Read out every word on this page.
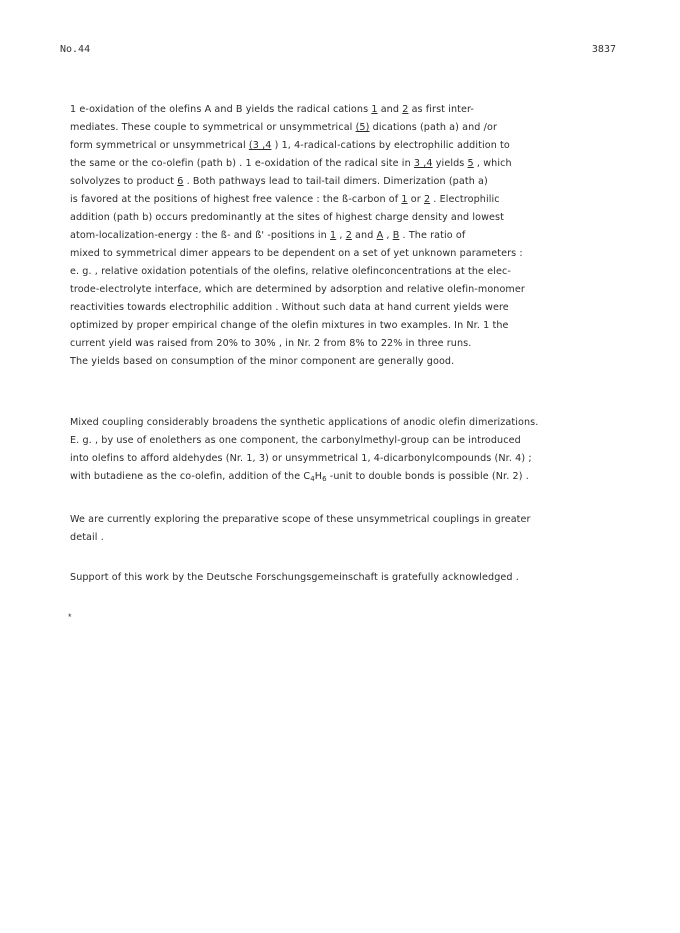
No.44	3837
1 e-oxidation of the olefins A and B yields the radical cations 1 and 2 as first inter-
mediates. These couple to symmetrical or unsymmetrical (5) dications (path a) and /or
form symmetrical or unsymmetrical (3 ,4 ) 1, 4-radical-cations by electrophilic addition to
the same or the co-olefin (path b) . 1 e-oxidation of the radical site in 3 ,4 yields 5 , which
solvolyzes to product 6 . Both pathways lead to tail-tail dimers. Dimerization (path a)
is favored at the positions of highest free valence : the ß-carbon of 1 or 2 . Electrophilic
addition (path b) occurs predominantly at the sites of highest charge density and lowest
atom-localization-energy : the ß- and ß' -positions in 1 , 2 and A , B . The ratio of
mixed to symmetrical dimer appears to be dependent on a set of yet unknown parameters :
e. g. , relative oxidation potentials of the olefins, relative olefinconcentrations at the elec-
trode-electrolyte interface, which are determined by adsorption and relative olefin-monomer
reactivities towards electrophilic addition . Without such data at hand current yields were
optimized by proper empirical change of the olefin mixtures in two examples. In Nr. 1 the
current yield was raised from 20% to 30% , in Nr. 2 from 8% to 22% in three runs.
The yields based on consumption of the minor component are generally good.
Mixed coupling considerably broadens the synthetic applications of anodic olefin dimerizations.
E. g. , by use of enolethers as one component, the carbonylmethyl-group can be introduced
into olefins to afford aldehydes (Nr. 1, 3) or unsymmetrical 1, 4-dicarbonylcompounds (Nr. 4) ;
with butadiene as the co-olefin, addition of the $C_4H_6$ -unit to double bonds is possible (Nr. 2) .
We are currently exploring the preparative scope of these unsymmetrical couplings in greater
detail .
Support of this work by the Deutsche Forschungsgemeinschaft is gratefully acknowledged .
*
